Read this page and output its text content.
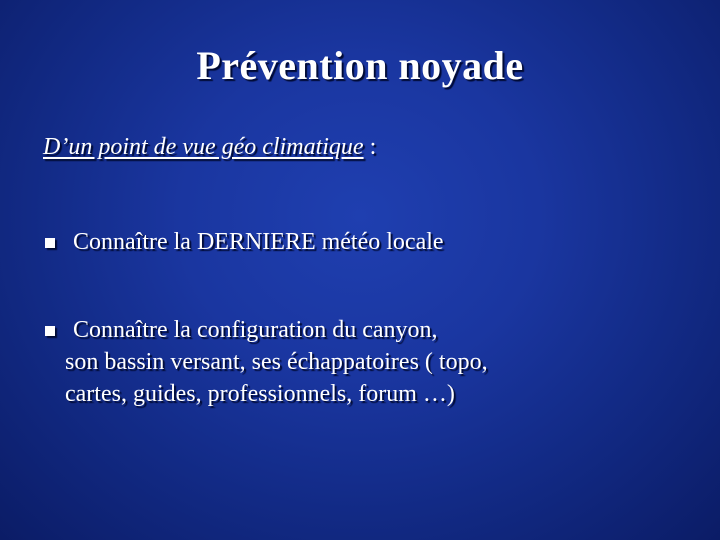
Prévention noyade
D’un point de vue géo climatique :
Connaître la DERNIERE météo locale
Connaître la configuration du canyon,
son bassin versant, ses échappatoires ( topo,
cartes, guides, professionnels, forum …)
